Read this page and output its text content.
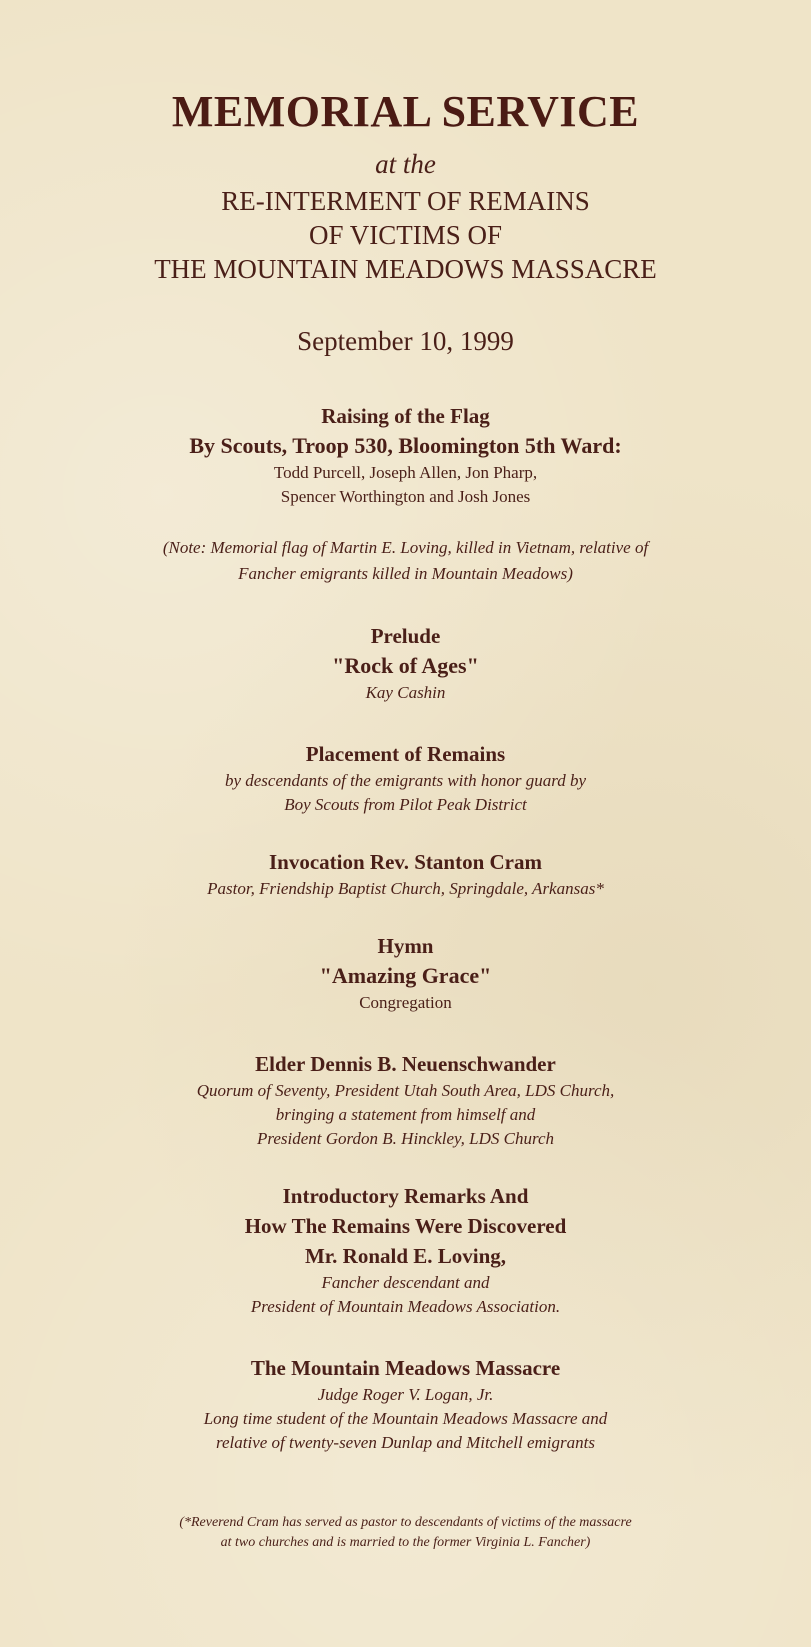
MEMORIAL SERVICE
at the
RE-INTERMENT OF REMAINS
OF VICTIMS OF
THE MOUNTAIN MEADOWS MASSACRE
September 10, 1999
Raising of the Flag
By Scouts, Troop 530, Bloomington 5th Ward:
Todd Purcell, Joseph Allen, Jon Pharp,
Spencer Worthington and Josh Jones
(Note: Memorial flag of Martin E. Loving, killed in Vietnam, relative of
Fancher emigrants killed in Mountain Meadows)
Prelude
"Rock of Ages"
Kay Cashin
Placement of Remains
by descendants of the emigrants with honor guard by
Boy Scouts from Pilot Peak District
Invocation Rev. Stanton Cram
Pastor, Friendship Baptist Church, Springdale, Arkansas*
Hymn
"Amazing Grace"
Congregation
Elder Dennis B. Neuenschwander
Quorum of Seventy, President Utah South Area, LDS Church,
bringing a statement from himself and
President Gordon B. Hinckley, LDS Church
Introductory Remarks And
How The Remains Were Discovered
Mr. Ronald E. Loving,
Fancher descendant and
President of Mountain Meadows Association.
The Mountain Meadows Massacre
Judge Roger V. Logan, Jr.
Long time student of the Mountain Meadows Massacre and
relative of twenty-seven Dunlap and Mitchell emigrants
(*Reverend Cram has served as pastor to descendants of victims of the massacre
at two churches and is married to the former Virginia L. Fancher)
